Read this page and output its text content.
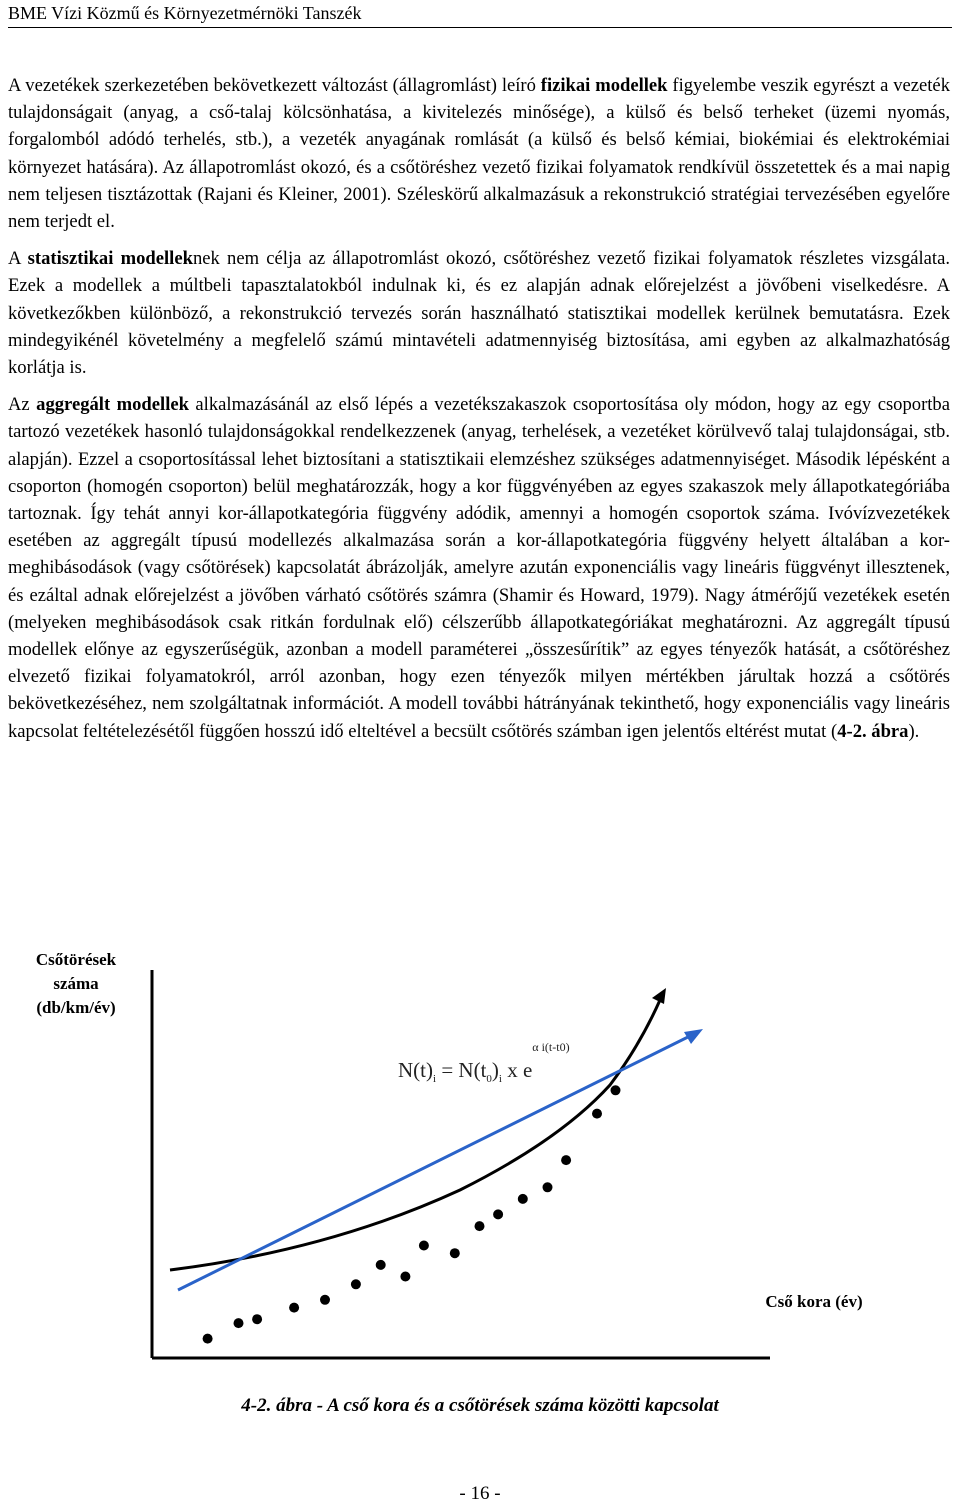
BME Vízi Közmű és Környezetmérnöki Tanszék

A vezetékek szerkezetében bekövetkezett változást (állagromlást) leíró fizikai modellek figyelembe veszik egyrészt a vezeték tulajdonságait (anyag, a cső-talaj kölcsönhatása, a kivitelezés minősége), a külső és belső terheket (üzemi nyomás, forgalomból adódó terhelés, stb.), a vezeték anyagának romlását (a külső és belső kémiai, biokémiai és elektrokémiai környezet hatására). Az állapotromlást okozó, és a csőtöréshez vezető fizikai folyamatok rendkívül összetettek és a mai napig nem teljesen tisztázottak (Rajani és Kleiner, 2001). Széleskörű alkalmazásuk a rekonstrukció stratégiai tervezésében egyelőre nem terjedt el.

A statisztikai modelleknek nem célja az állapotromlást okozó, csőtöréshez vezető fizikai folyamatok részletes vizsgálata. Ezek a modellek a múltbeli tapasztalatokból indulnak ki, és ez alapján adnak előrejelzést a jövőbeni viselkedésre. A következőkben különböző, a rekonstrukció tervezés során használható statisztikai modellek kerülnek bemutatásra. Ezek mindegyikénél követelmény a megfelelő számú mintavételi adatmennyiség biztosítása, ami egyben az alkalmazhatóság korlátja is.

Az aggregált modellek alkalmazásánál az első lépés a vezetékszakaszok csoportosítása oly módon, hogy az egy csoportba tartozó vezetékek hasonló tulajdonságokkal rendelkezzenek (anyag, terhelések, a vezetéket körülvevő talaj tulajdonságai, stb. alapján). Ezzel a csoportosítással lehet biztosítani a statisztikaii elemzéshez szükséges adatmennyiséget. Második lépésként a csoporton (homogén csoporton) belül meghatározzák, hogy a kor függvényében az egyes szakaszok mely állapotkategóriába tartoznak. Így tehát annyi kor-állapotkategória függvény adódik, amennyi a homogén csoportok száma. Ivóvízvezetékek esetében az aggregált típusú modellezés alkalmazása során a kor-állapotkategória függvény helyett általában a kor-meghibásodások (vagy csőtörések) kapcsolatát ábrázolják, amelyre azután exponenciális vagy lineáris függvényt illesztenek, és ezáltal adnak előrejelzést a jövőben várható csőtörés számra (Shamir és Howard, 1979). Nagy átmérőjű vezetékek esetén (melyeken meghibásodások csak ritkán fordulnak elő) célszerűbb állapotkategóriákat meghatározni. Az aggregált típusú modellek előnye az egyszerűségük, azonban a modell paraméterei „összesűrítik” az egyes tényezők hatását, a csőtöréshez elvezető fizikai folyamatokról, arról azonban, hogy ezen tényezők milyen mértékben járultak hozzá a csőtörés bekövetkezéséhez, nem szolgáltatnak információt. A modell további hátrányának tekinthető, hogy exponenciális vagy lineáris kapcsolat feltételezésétől függően hosszú idő elteltével a becsült csőtörés számban igen jelentős eltérést mutat (4-2. ábra).

Csőtörések száma (db/km/év)
Cső kora (év)
$N(t)_i = N(t_0)_i$ x $e^{\alpha i(t-t0)}$
4-2. ábra - A cső kora és a csőtörések száma közötti kapcsolat
- 16 -
